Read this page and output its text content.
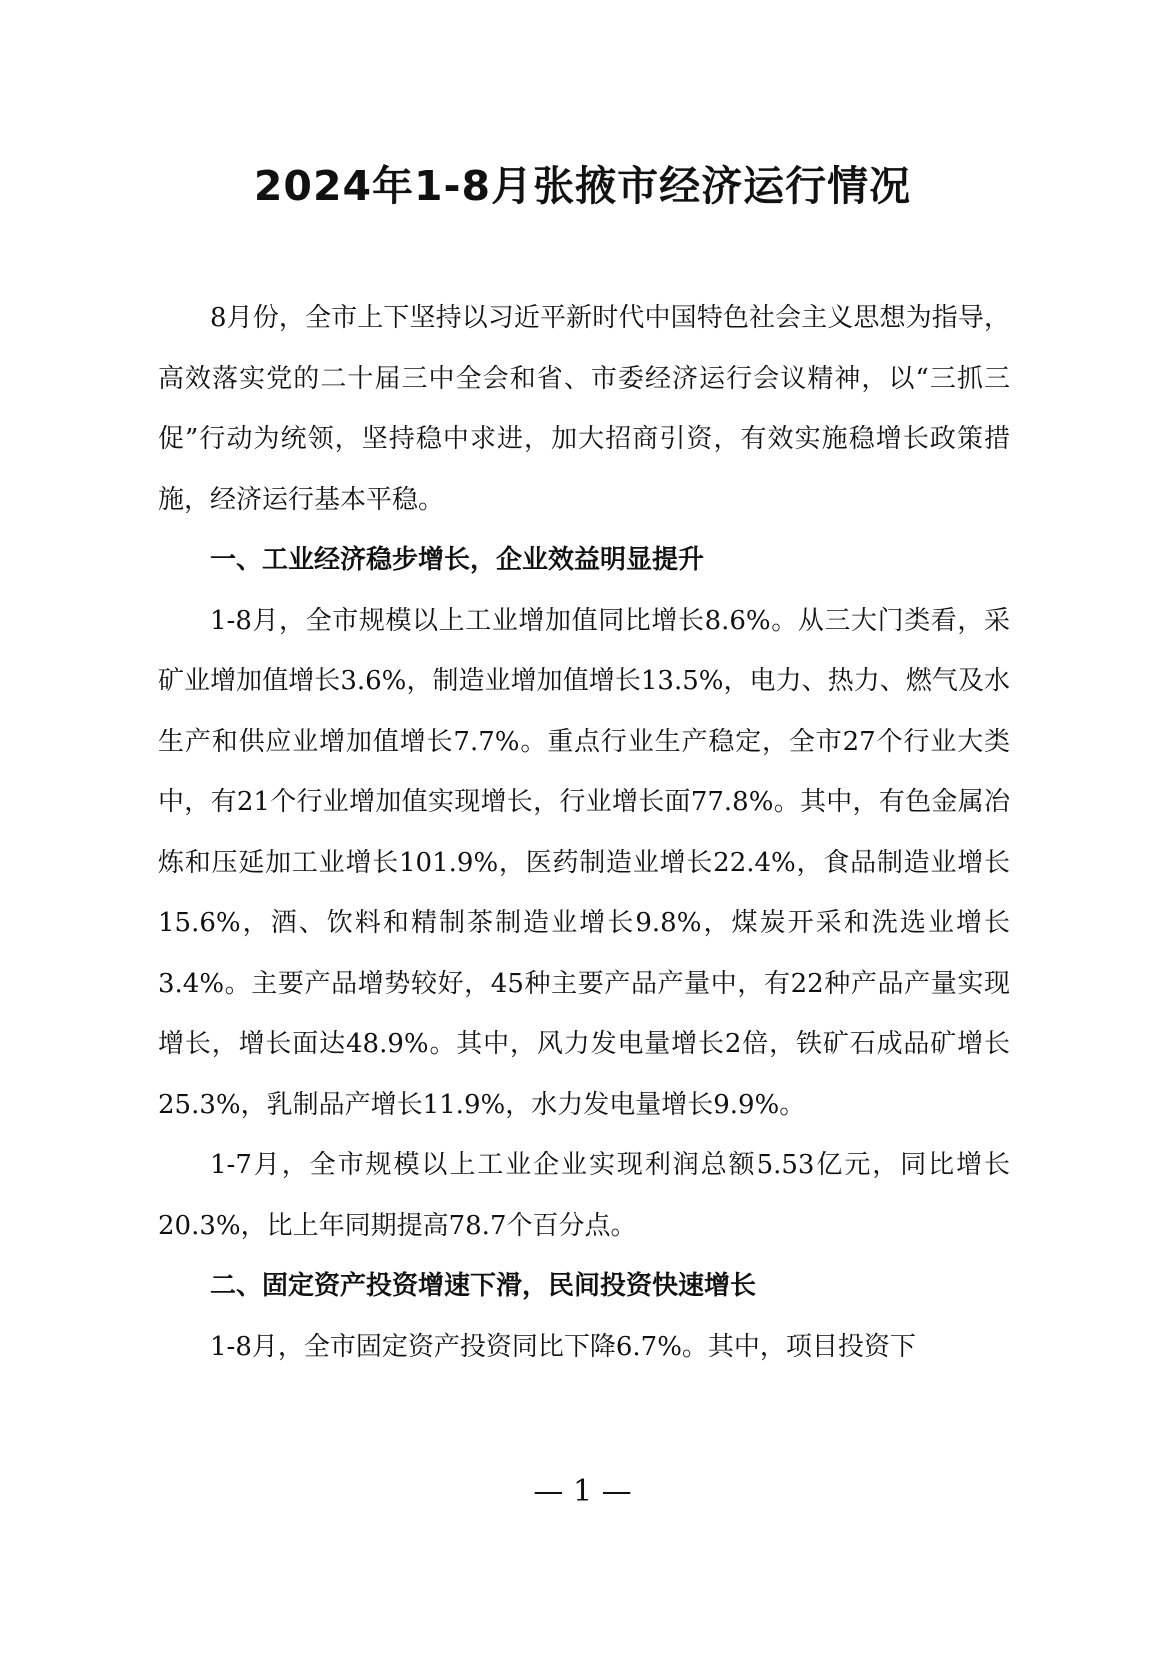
2024年1-8月张掖市经济运行情况

8月份，全市上下坚持以习近平新时代中国特色社会主义思想为指导，高效落实党的二十届三中全会和省、市委经济运行会议精神，以“三抓三促”行动为统领，坚持稳中求进，加大招商引资，有效实施稳增长政策措施，经济运行基本平稳。

一、工业经济稳步增长，企业效益明显提升

1-8月，全市规模以上工业增加值同比增长8.6%。从三大门类看，采矿业增加值增长3.6%，制造业增加值增长13.5%，电力、热力、燃气及水生产和供应业增加值增长7.7%。重点行业生产稳定，全市27个行业大类中，有21个行业增加值实现增长，行业增长面77.8%。其中，有色金属冶炼和压延加工业增长101.9%，医药制造业增长22.4%，食品制造业增长15.6%，酒、饮料和精制茶制造业增长9.8%，煤炭开采和洗选业增长3.4%。主要产品增势较好，45种主要产品产量中，有22种产品产量实现增长，增长面达48.9%。其中，风力发电量增长2倍，铁矿石成品矿增长25.3%，乳制品产增长11.9%，水力发电量增长9.9%。

1-7月，全市规模以上工业企业实现利润总额5.53亿元，同比增长20.3%，比上年同期提高78.7个百分点。

二、固定资产投资增速下滑，民间投资快速增长

1-8月，全市固定资产投资同比下降6.7%。其中，项目投资下

— 1 —
